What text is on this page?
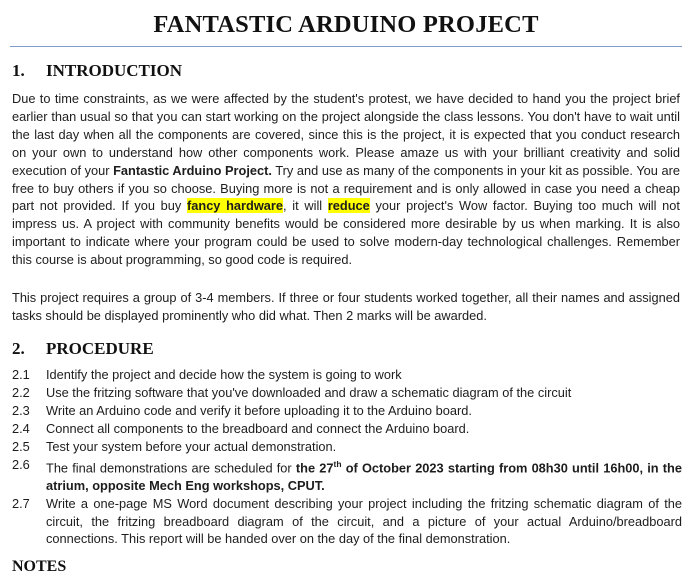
FANTASTIC ARDUINO PROJECT
1. INTRODUCTION
Due to time constraints, as we were affected by the student's protest, we have decided to hand you the project brief earlier than usual so that you can start working on the project alongside the class lessons. You don't have to wait until the last day when all the components are covered, since this is the project, it is expected that you conduct research on your own to understand how other components work. Please amaze us with your brilliant creativity and solid execution of your Fantastic Arduino Project. Try and use as many of the components in your kit as possible. You are free to buy others if you so choose. Buying more is not a requirement and is only allowed in case you need a cheap part not provided. If you buy fancy hardware, it will reduce your project's Wow factor. Buying too much will not impress us. A project with community benefits would be considered more desirable by us when marking. It is also important to indicate where your program could be used to solve modern-day technological challenges. Remember this course is about programming, so good code is required.
This project requires a group of 3-4 members. If three or four students worked together, all their names and assigned tasks should be displayed prominently who did what. Then 2 marks will be awarded.
2. PROCEDURE
2.1	Identify the project and decide how the system is going to work
2.2	Use the fritzing software that you've downloaded and draw a schematic diagram of the circuit
2.3	Write an Arduino code and verify it before uploading it to the Arduino board.
2.4	Connect all components to the breadboard and connect the Arduino board.
2.5	Test your system before your actual demonstration.
2.6	The final demonstrations are scheduled for the 27th of October 2023 starting from 08h30 until 16h00, in the atrium, opposite Mech Eng workshops, CPUT.
2.7	Write a one-page MS Word document describing your project including the fritzing schematic diagram of the circuit, the fritzing breadboard diagram of the circuit, and a picture of your actual Arduino/breadboard connections. This report will be handed over on the day of the final demonstration.
NOTES
